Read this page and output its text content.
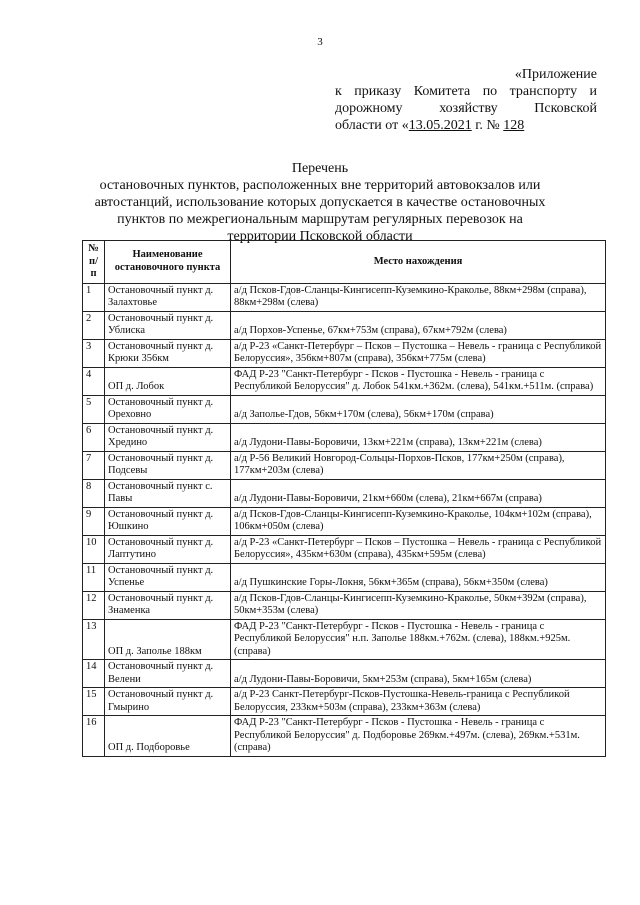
3
«Приложение
к приказу Комитета по транспорту и
дорожному хозяйству Псковской
области от «13.05.2021 г. № 128
Перечень
остановочных пунктов, расположенных вне территорий автовокзалов или
автостанций, использование которых допускается в качестве остановочных
пунктов по межрегиональным маршрутам регулярных перевозок на
территории Псковской области
№ п/п	Наименование остановочного пункта	Место нахождения
1	Остановочный пункт д. Залахтовье	а/д Псков-Гдов-Сланцы-Кингисепп-Куземкино-Краколье, 88км+298м (справа), 88км+298м (слева)
2	Остановочный пункт д. Ублиска	а/д Порхов-Успенье, 67км+753м (справа), 67км+792м (слева)
3	Остановочный пункт д. Крюки 356км	а/д Р-23 «Санкт-Петербург – Псков – Пустошка – Невель - граница с Республикой Белоруссия», 356км+807м (справа), 356км+775м (слева)
4	ОП д. Лобок	ФАД Р-23 "Санкт-Петербург - Псков - Пустошка - Невель - граница с Республикой Белоруссия" д. Лобок 541км.+362м. (слева), 541км.+511м. (справа)
5	Остановочный пункт д. Ореховно	а/д Заполье-Гдов, 56км+170м (слева), 56км+170м (справа)
6	Остановочный пункт д. Хредино	а/д Лудони-Павы-Боровичи, 13км+221м (справа), 13км+221м (слева)
7	Остановочный пункт д. Подсевы	а/д Р-56 Великий Новгород-Сольцы-Порхов-Псков, 177км+250м (справа), 177км+203м (слева)
8	Остановочный пункт с. Павы	а/д Лудони-Павы-Боровичи, 21км+660м (слева), 21км+667м (справа)
9	Остановочный пункт д. Юшкино	а/д Псков-Гдов-Сланцы-Кингисепп-Куземкино-Краколье, 104км+102м (справа), 106км+050м (слева)
10	Остановочный пункт д. Лаптутино	а/д Р-23 «Санкт-Петербург – Псков – Пустошка – Невель - граница с Республикой Белоруссия», 435км+630м (справа), 435км+595м (слева)
11	Остановочный пункт д. Успенье	а/д Пушкинские Горы-Локня, 56км+365м (справа), 56км+350м (слева)
12	Остановочный пункт д. Знаменка	а/д Псков-Гдов-Сланцы-Кингисепп-Куземкино-Краколье, 50км+392м (справа), 50км+353м (слева)
13	ОП д. Заполье 188км	ФАД Р-23 "Санкт-Петербург - Псков - Пустошка - Невель - граница с Республикой Белоруссия" н.п. Заполье 188км.+762м. (слева), 188км.+925м. (справа)
14	Остановочный пункт д. Велени	а/д Лудони-Павы-Боровичи, 5км+253м (справа), 5км+165м (слева)
15	Остановочный пункт д. Гмырино	а/д Р-23 Санкт-Петербург-Псков-Пустошка-Невель-граница с Республикой Белоруссия, 233км+503м (справа), 233км+363м (слева)
16	ОП д. Подборовье	ФАД Р-23 "Санкт-Петербург - Псков - Пустошка - Невель - граница с Республикой Белоруссия" д. Подборовье 269км.+497м. (слева), 269км.+531м. (справа)
